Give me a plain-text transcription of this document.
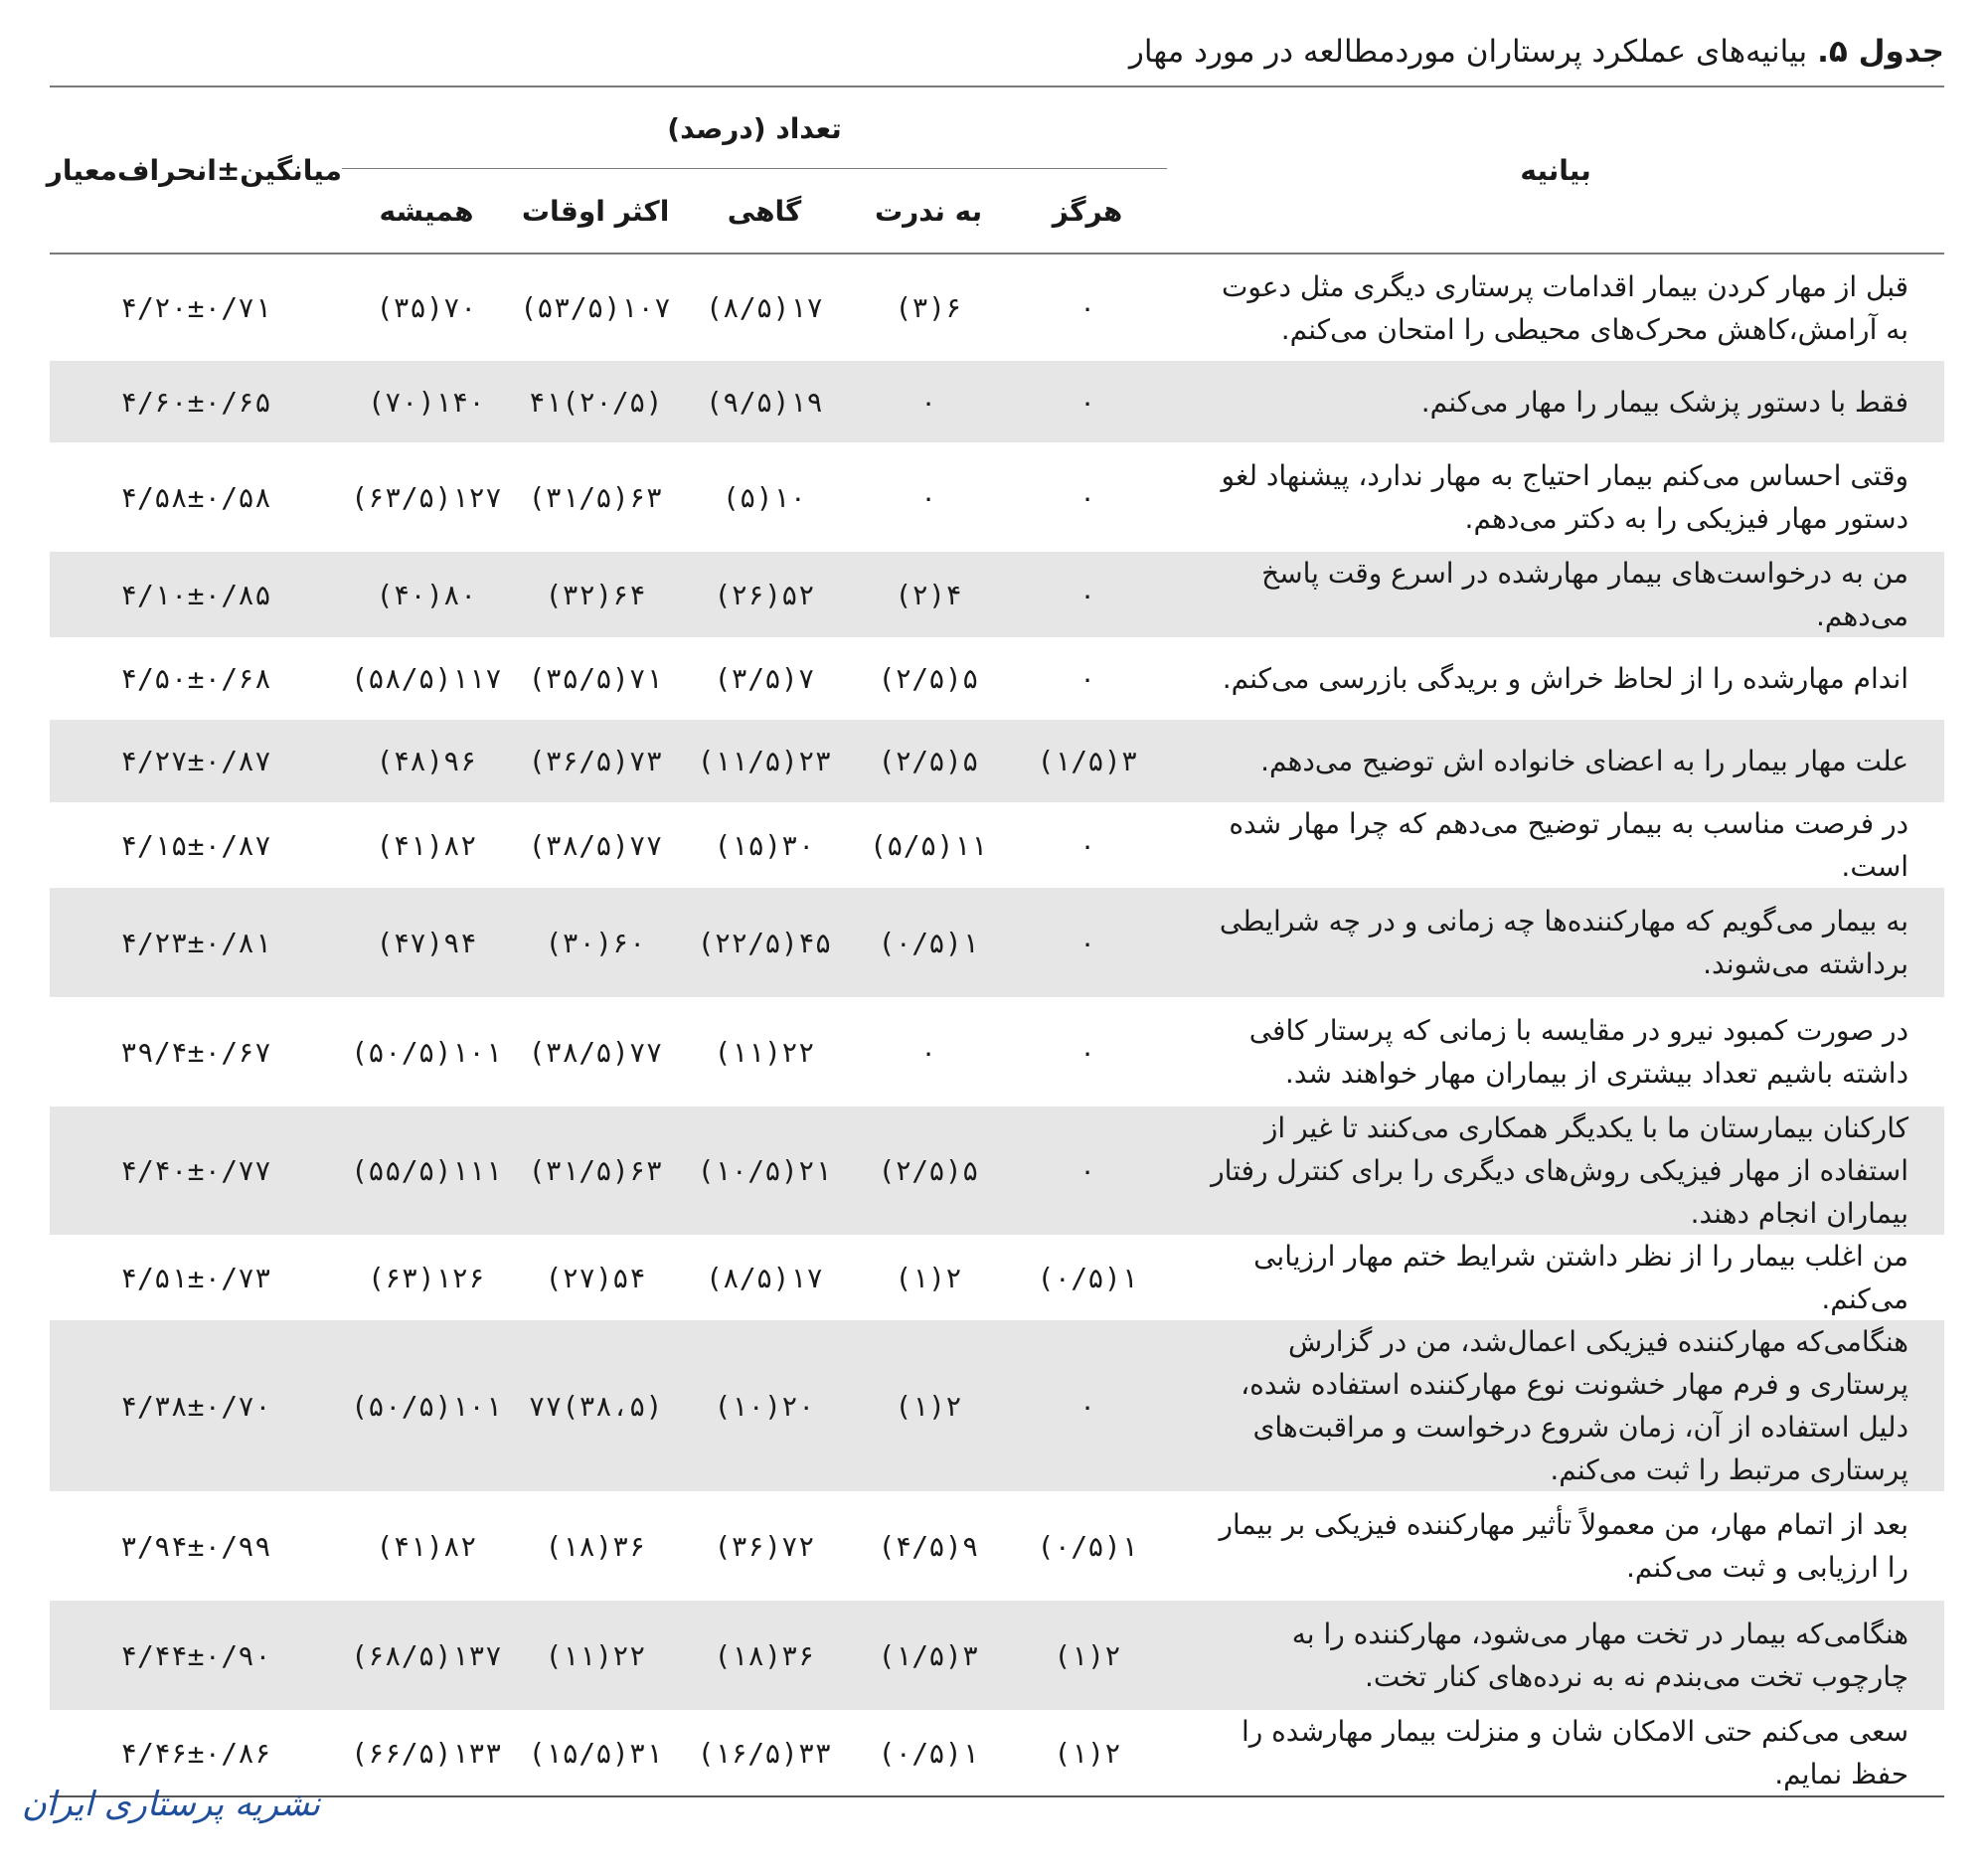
جدول ۵.بیانیه‌های عملکرد پرستاران موردمطالعه در مورد مهار
بیانیه	تعداد (درصد)					میانگین±انحراف‌معیار
	هرگز	به ندرت	گاهی	اکثر اوقات	همیشه	
قبل از مهار کردن بیمار اقدامات پرستاری دیگری مثل دعوت به آرامش،کاهش محرک‌های محیطی را امتحان می‌کنم.	۰	۶(۳)	۱۷(۸/۵)	۱۰۷(۵۳/۵)	۷۰(۳۵)	۴/۲۰±۰/۷۱
فقط با دستور پزشک بیمار را مهار می‌کنم.	۰	۰	۱۹(۹/۵)	(۲۰/۵)۴۱	۱۴۰(۷۰)	۴/۶۰±۰/۶۵
وقتی احساس می‌کنم بیمار احتیاج به مهار ندارد، پیشنهاد لغو دستور مهار فیزیکی را به دکتر می‌دهم.	۰	۰	۱۰(۵)	۶۳(۳۱/۵)	۱۲۷(۶۳/۵)	۴/۵۸±۰/۵۸
من به درخواست‌های بیمار مهارشده در اسرع وقت پاسخ می‌دهم.	۰	۴(۲)	۵۲(۲۶)	۶۴(۳۲)	۸۰(۴۰)	۴/۱۰±۰/۸۵
اندام مهارشده را از لحاظ خراش و بریدگی بازرسی می‌کنم.	۰	۵(۲/۵)	۷(۳/۵)	۷۱(۳۵/۵)	۱۱۷(۵۸/۵)	۴/۵۰±۰/۶۸
علت مهار بیمار را به اعضای خانواده اش توضیح می‌دهم.	۳(۱/۵)	۵(۲/۵)	۲۳(۱۱/۵)	۷۳(۳۶/۵)	۹۶(۴۸)	۴/۲۷±۰/۸۷
در فرصت مناسب به بیمار توضیح می‌دهم که چرا مهار شده است.	۰	۱۱(۵/۵)	۳۰(۱۵)	۷۷(۳۸/۵)	۸۲(۴۱)	۴/۱۵±۰/۸۷
به بیمار می‌گویم که مهارکننده‌ها چه زمانی و در چه شرایطی برداشته می‌شوند.	۰	۱(۰/۵)	۴۵(۲۲/۵)	۶۰(۳۰)	۹۴(۴۷)	۴/۲۳±۰/۸۱
در صورت کمبود نیرو در مقایسه با زمانی که پرستار کافی داشته باشیم تعداد بیشتری از بیماران مهار خواهند شد.	۰	۰	۲۲(۱۱)	۷۷(۳۸/۵)	۱۰۱(۵۰/۵)	۳۹/۴±۰/۶۷
کارکنان بیمارستان ما با یکدیگر همکاری می‌کنند تا غیر از استفاده از مهار فیزیکی روش‌های دیگری را برای کنترل رفتار بیماران انجام دهند.	۰	۵(۲/۵)	۲۱(۱۰/۵)	۶۳(۳۱/۵)	۱۱۱(۵۵/۵)	۴/۴۰±۰/۷۷
من اغلب بیمار را از نظر داشتن شرایط ختم مهار ارزیابی می‌کنم.	۱(۰/۵)	۲(۱)	۱۷(۸/۵)	۵۴(۲۷)	۱۲۶(۶۳)	۴/۵۱±۰/۷۳
هنگامی‌که مهارکننده فیزیکی اعمال‌شد، من در گزارش پرستاری و فرم مهار خشونت نوع مهارکننده استفاده شده، دلیل استفاده از آن، زمان شروع درخواست و مراقبت‌های پرستاری مرتبط را ثبت می‌کنم.	۰	۲(۱)	۲۰(۱۰)	(۳۸،۵)۷۷	۱۰۱(۵۰/۵)	۴/۳۸±۰/۷۰
بعد از اتمام مهار، من معمولاً تأثیر مهارکننده فیزیکی بر بیمار را ارزیابی و ثبت می‌کنم.	۱(۰/۵)	۹(۴/۵)	۷۲(۳۶)	۳۶(۱۸)	۸۲(۴۱)	۳/۹۴±۰/۹۹
هنگامی‌که بیمار در تخت مهار می‌شود، مهارکننده را به چارچوب تخت می‌بندم نه به نرده‌های کنار تخت.	۲(۱)	۳(۱/۵)	۳۶(۱۸)	۲۲(۱۱)	۱۳۷(۶۸/۵)	۴/۴۴±۰/۹۰
سعی می‌کنم حتی الامکان شان و منزلت بیمار مهارشده را حفظ نمایم.	۲(۱)	۱(۰/۵)	۳۳(۱۶/۵)	۳۱(۱۵/۵)	۱۳۳(۶۶/۵)	۴/۴۶±۰/۸۶
نشریه پرستاری ایران
